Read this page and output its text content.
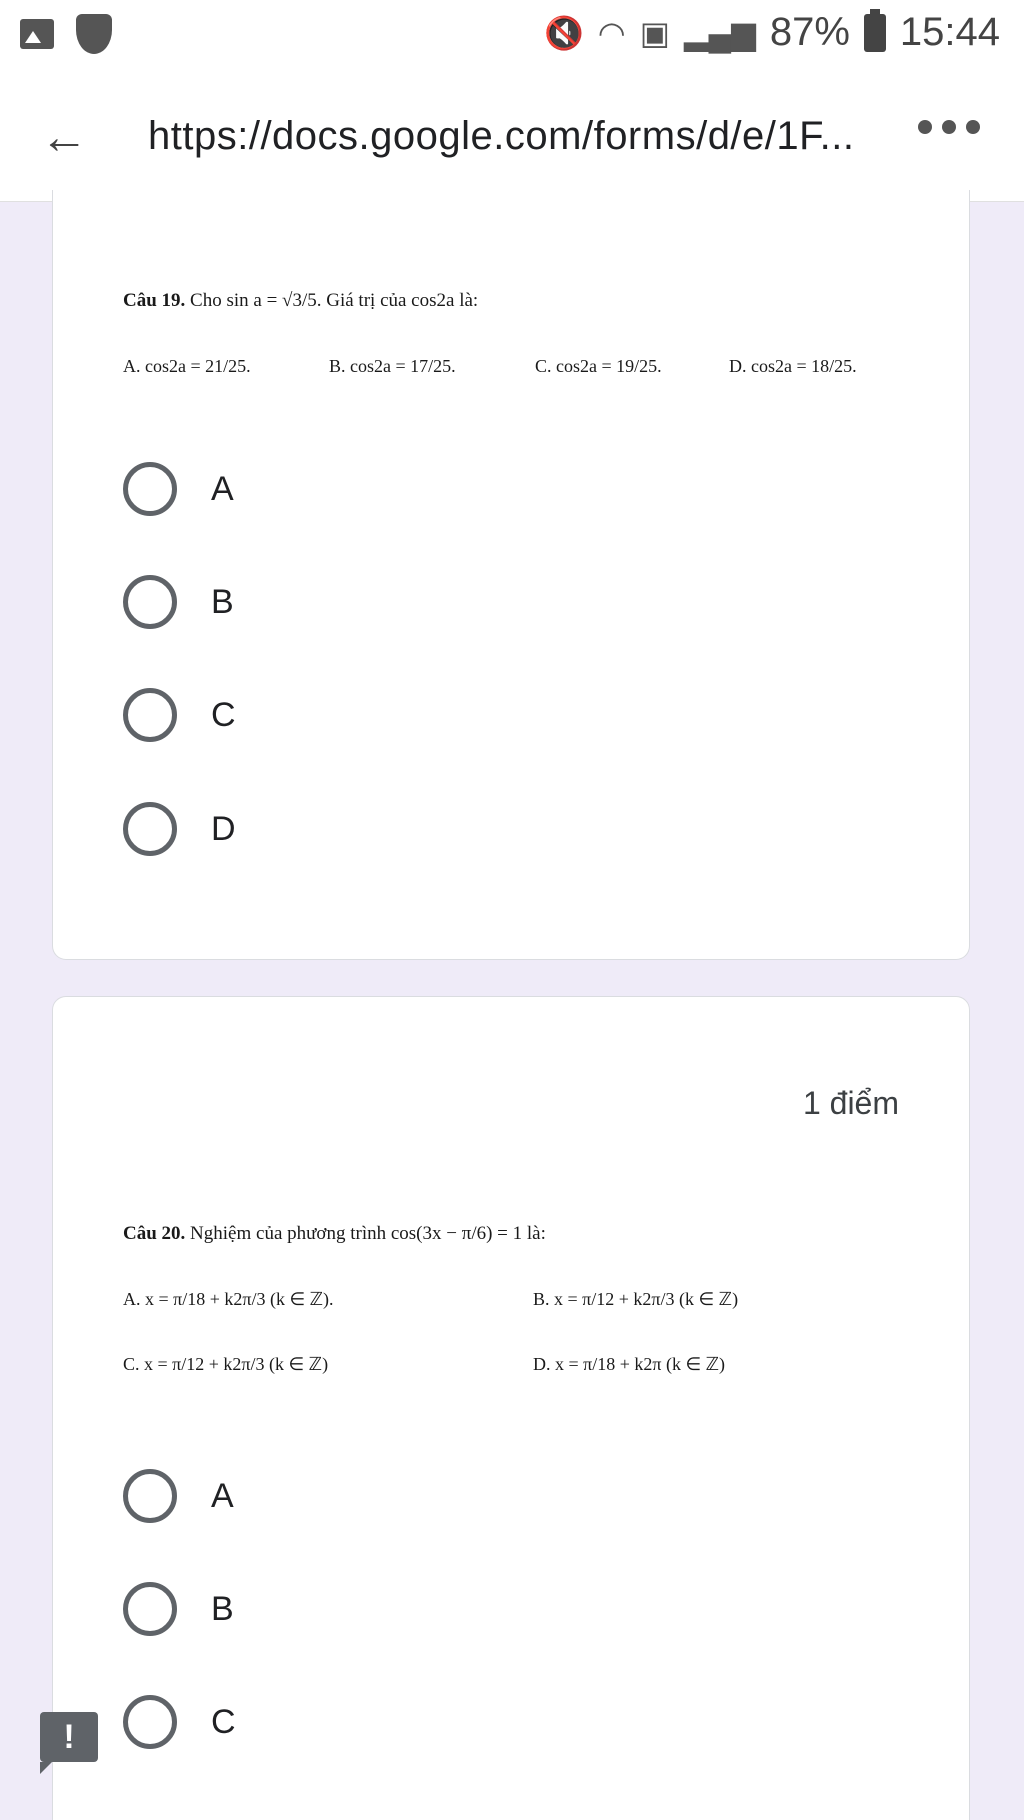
🔇 ◠ ▣ ▂▄▆ 87% 15:44
← https://docs.google.com/forms/d/e/1F...
Câu 19. Cho sin a = √3/5. Giá trị của cos2a là:
A. cos2a = 21/25.	B. cos2a = 17/25.	C. cos2a = 19/25.	D. cos2a = 18/25.
A
B
C
D
1 điểm
Câu 20. Nghiệm của phương trình cos(3x − π/6) = 1 là:
A. x = π/18 + k2π/3 (k ∈ ℤ).	B. x = π/12 + k2π/3 (k ∈ ℤ)
C. x = π/12 + k2π/3 (k ∈ ℤ)	D. x = π/18 + k2π (k ∈ ℤ)
A
B
C
!
